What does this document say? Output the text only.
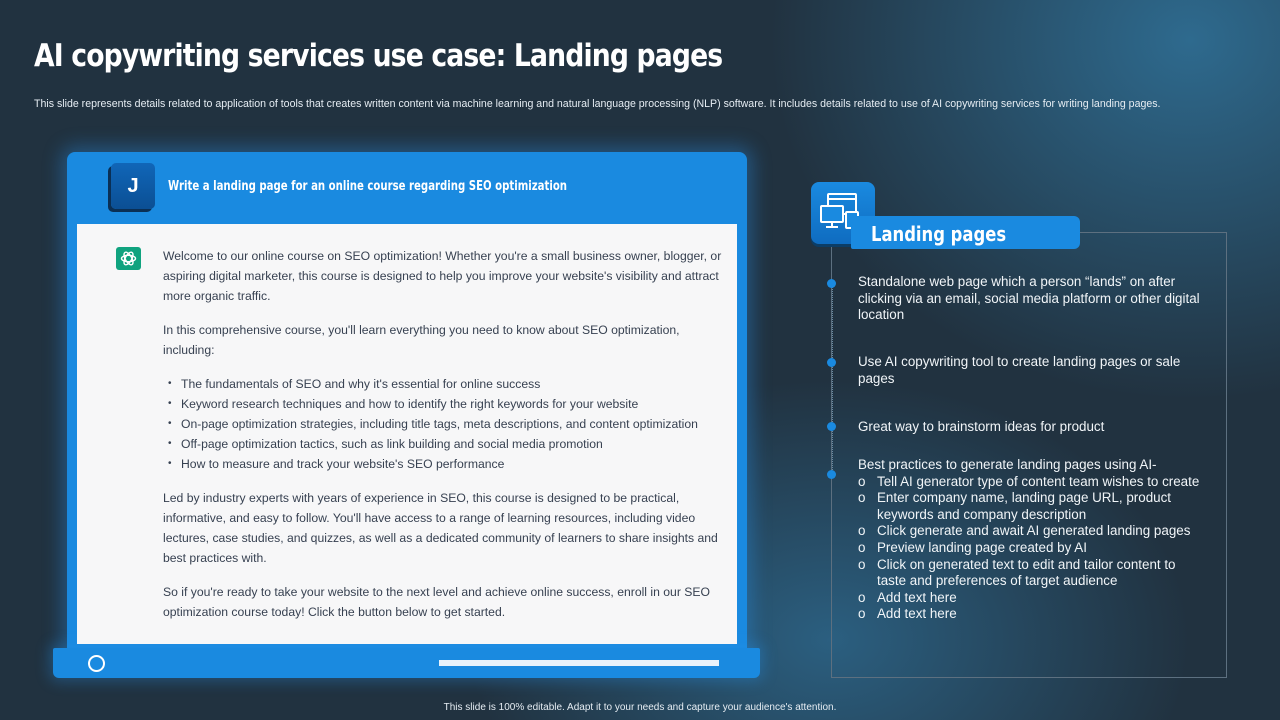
AI copywriting services use case: Landing pages

This slide represents details related to application of tools that creates written content via machine learning and natural language processing (NLP) software. It includes details related to use of AI copywriting services for writing landing pages.

J Write a landing page for an online course regarding SEO optimization

Welcome to our online course on SEO optimization! Whether you're a small business owner, blogger, or aspiring digital marketer, this course is designed to help you improve your website's visibility and attract more organic traffic.

In this comprehensive course, you'll learn everything you need to know about SEO optimization, including:

• The fundamentals of SEO and why it's essential for online success
• Keyword research techniques and how to identify the right keywords for your website
• On-page optimization strategies, including title tags, meta descriptions, and content optimization
• Off-page optimization tactics, such as link building and social media promotion
• How to measure and track your website's SEO performance

Led by industry experts with years of experience in SEO, this course is designed to be practical, informative, and easy to follow. You'll have access to a range of learning resources, including video lectures, case studies, and quizzes, as well as a dedicated community of learners to share insights and best practices with.

So if you're ready to take your website to the next level and achieve online success, enroll in our SEO optimization course today! Click the button below to get started.

Landing pages

Standalone web page which a person “lands” on after clicking via an email, social media platform or other digital location

Use AI copywriting tool to create landing pages or sale pages

Great way to brainstorm ideas for product

Best practices to generate landing pages using AI-
o Tell AI generator type of content team wishes to create
o Enter company name, landing page URL, product keywords and company description
o Click generate and await AI generated landing pages
o Preview landing page created by AI
o Click on generated text to edit and tailor content to taste and preferences of target audience
o Add text here
o Add text here

This slide is 100% editable. Adapt it to your needs and capture your audience's attention.
